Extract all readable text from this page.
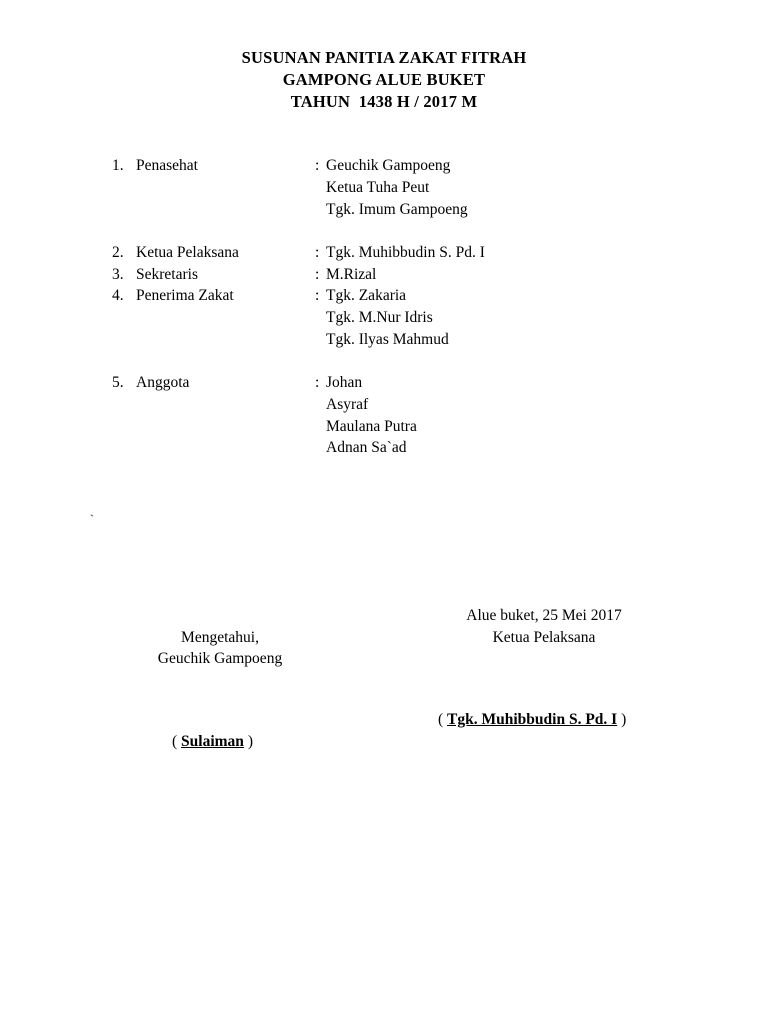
SUSUNAN PANITIA ZAKAT FITRAH
GAMPONG ALUE BUKET
TAHUN  1438 H / 2017 M
1. Penasehat	: Geuchik Gampoeng
Ketua Tuha Peut
Tgk. Imum Gampoeng
2. Ketua Pelaksana	: Tgk. Muhibbudin S. Pd. I
3. Sekretaris	: M.Rizal
4. Penerima Zakat	: Tgk. Zakaria
Tgk. M.Nur Idris
Tgk. Ilyas Mahmud
5. Anggota	: Johan
Asyraf
Maulana Putra
Adnan Sa`ad
`
Alue buket, 25 Mei 2017
Ketua Pelaksana
Mengetahui,
Geuchik Gampoeng
( Tgk. Muhibbudin S. Pd. I )
( Sulaiman )
